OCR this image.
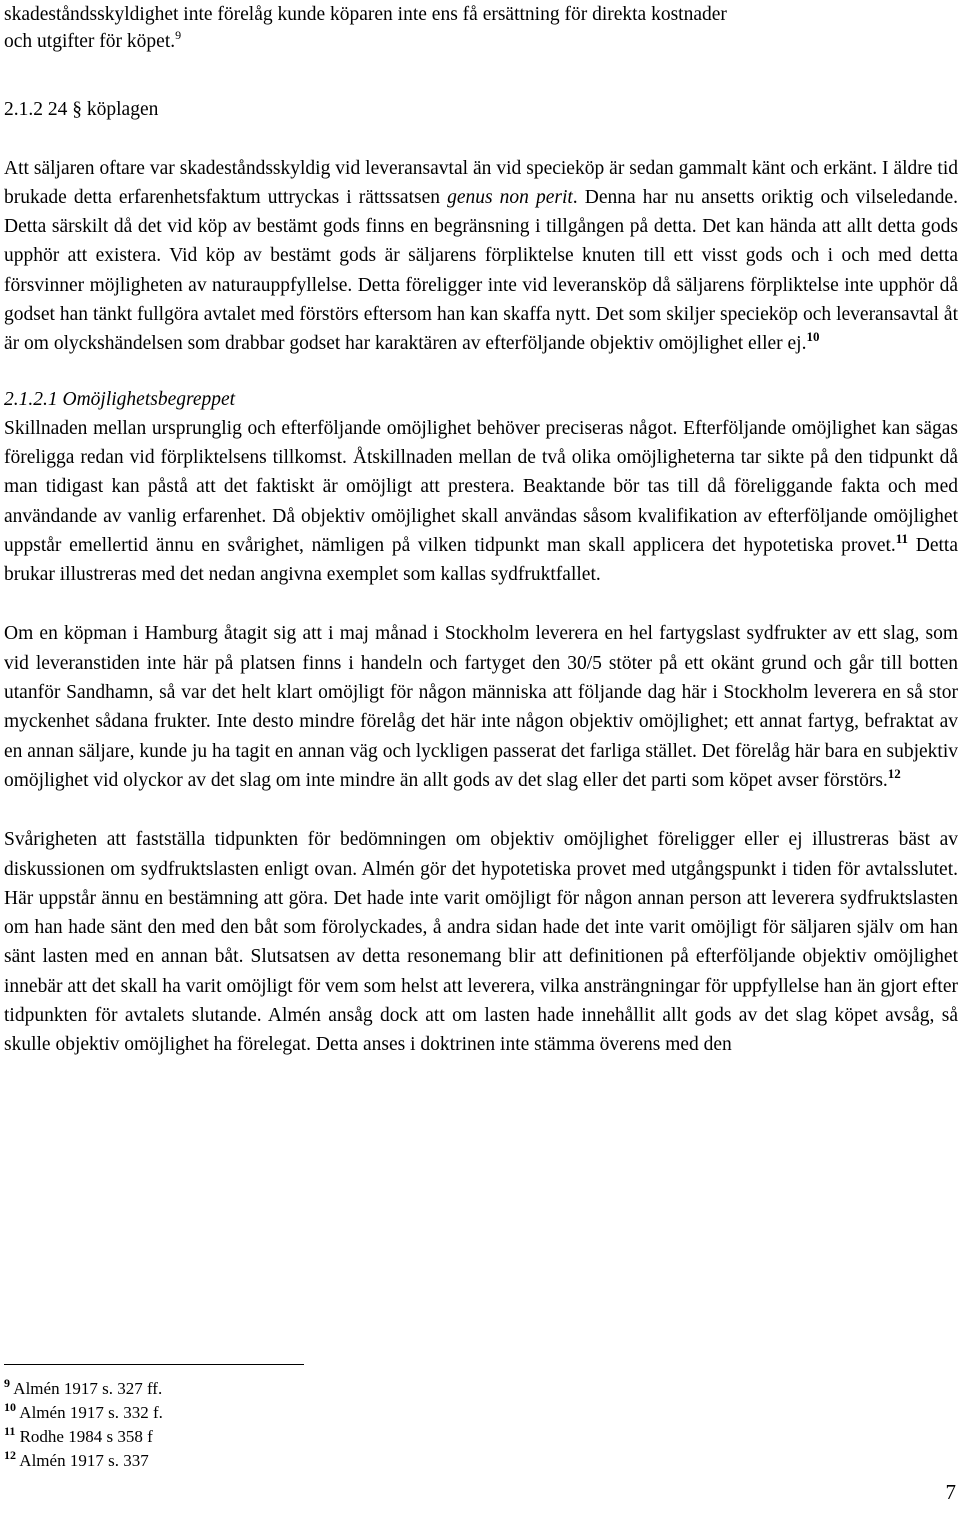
skadeståndsskyldighet inte förelåg kunde köparen inte ens få ersättning för direkta kostnader

och utgifter för köpet.$^9$

2.1.2 24 § köplagen

Att säljaren oftare var skadeståndsskyldig vid leveransavtal än vid specieköp är sedan gammalt känt och erkänt. I äldre tid brukade detta erfarenhetsfaktum uttryckas i rättssatsen genus non perit. Denna har nu ansetts oriktig och vilseledande. Detta särskilt då det vid köp av bestämt gods finns en begränsning i tillgången på detta. Det kan hända att allt detta gods upphör att existera. Vid köp av bestämt gods är säljarens förpliktelse knuten till ett visst gods och i och med detta försvinner möjligheten av naturauppfyllelse. Detta föreligger inte vid leveransköp då säljarens förpliktelse inte upphör då godset han tänkt fullgöra avtalet med förstörs eftersom han kan skaffa nytt. Det som skiljer specieköp och leveransavtal åt är om olyckshändelsen som drabbar godset har karaktären av efterföljande objektiv omöjlighet eller ej.$^{10}$

2.1.2.1 Omöjlighetsbegreppet

Skillnaden mellan ursprunglig och efterföljande omöjlighet behöver preciseras något. Efterföljande omöjlighet kan sägas föreligga redan vid förpliktelsens tillkomst. Åtskillnaden mellan de två olika omöjligheterna tar sikte på den tidpunkt då man tidigast kan påstå att det faktiskt är omöjligt att prestera. Beaktande bör tas till då föreliggande fakta och med användande av vanlig erfarenhet. Då objektiv omöjlighet skall användas såsom kvalifikation av efterföljande omöjlighet uppstår emellertid ännu en svårighet, nämligen på vilken tidpunkt man skall applicera det hypotetiska provet.$^{11}$ Detta brukar illustreras med det nedan angivna exemplet som kallas sydfruktfallet.

Om en köpman i Hamburg åtagit sig att i maj månad i Stockholm leverera en hel fartygslast sydfrukter av ett slag, som vid leveranstiden inte här på platsen finns i handeln och fartyget den 30/5 stöter på ett okänt grund och går till botten utanför Sandhamn, så var det helt klart omöjligt för någon människa att följande dag här i Stockholm leverera en så stor myckenhet sådana frukter. Inte desto mindre förelåg det här inte någon objektiv omöjlighet; ett annat fartyg, befraktat av en annan säljare, kunde ju ha tagit en annan väg och lyckligen passerat det farliga stället. Det förelåg här bara en subjektiv omöjlighet vid olyckor av det slag om inte mindre än allt gods av det slag eller det parti som köpet avser förstörs.$^{12}$

Svårigheten att fastställa tidpunkten för bedömningen om objektiv omöjlighet föreligger eller ej illustreras bäst av diskussionen om sydfruktslasten enligt ovan. Almén gör det hypotetiska provet med utgångspunkt i tiden för avtalsslutet. Här uppstår ännu en bestämning att göra. Det hade inte varit omöjligt för någon annan person att leverera sydfruktslasten om han hade sänt den med den båt som förolyckades, å andra sidan hade det inte varit omöjligt för säljaren själv om han sänt lasten med en annan båt. Slutsatsen av detta resonemang blir att definitionen på efterföljande objektiv omöjlighet innebär att det skall ha varit omöjligt för vem som helst att leverera, vilka ansträngningar för uppfyllelse han än gjort efter tidpunkten för avtalets slutande. Almén ansåg dock att om lasten hade innehållit allt gods av det slag köpet avsåg, så skulle objektiv omöjlighet ha förelegat. Detta anses i doktrinen inte stämma överens med den

$^9$ Almén 1917 s. 327 ff.
$^{10}$ Almén 1917 s. 332 f.
$^{11}$ Rodhe 1984 s 358 f
$^{12}$ Almén 1917 s. 337
7
